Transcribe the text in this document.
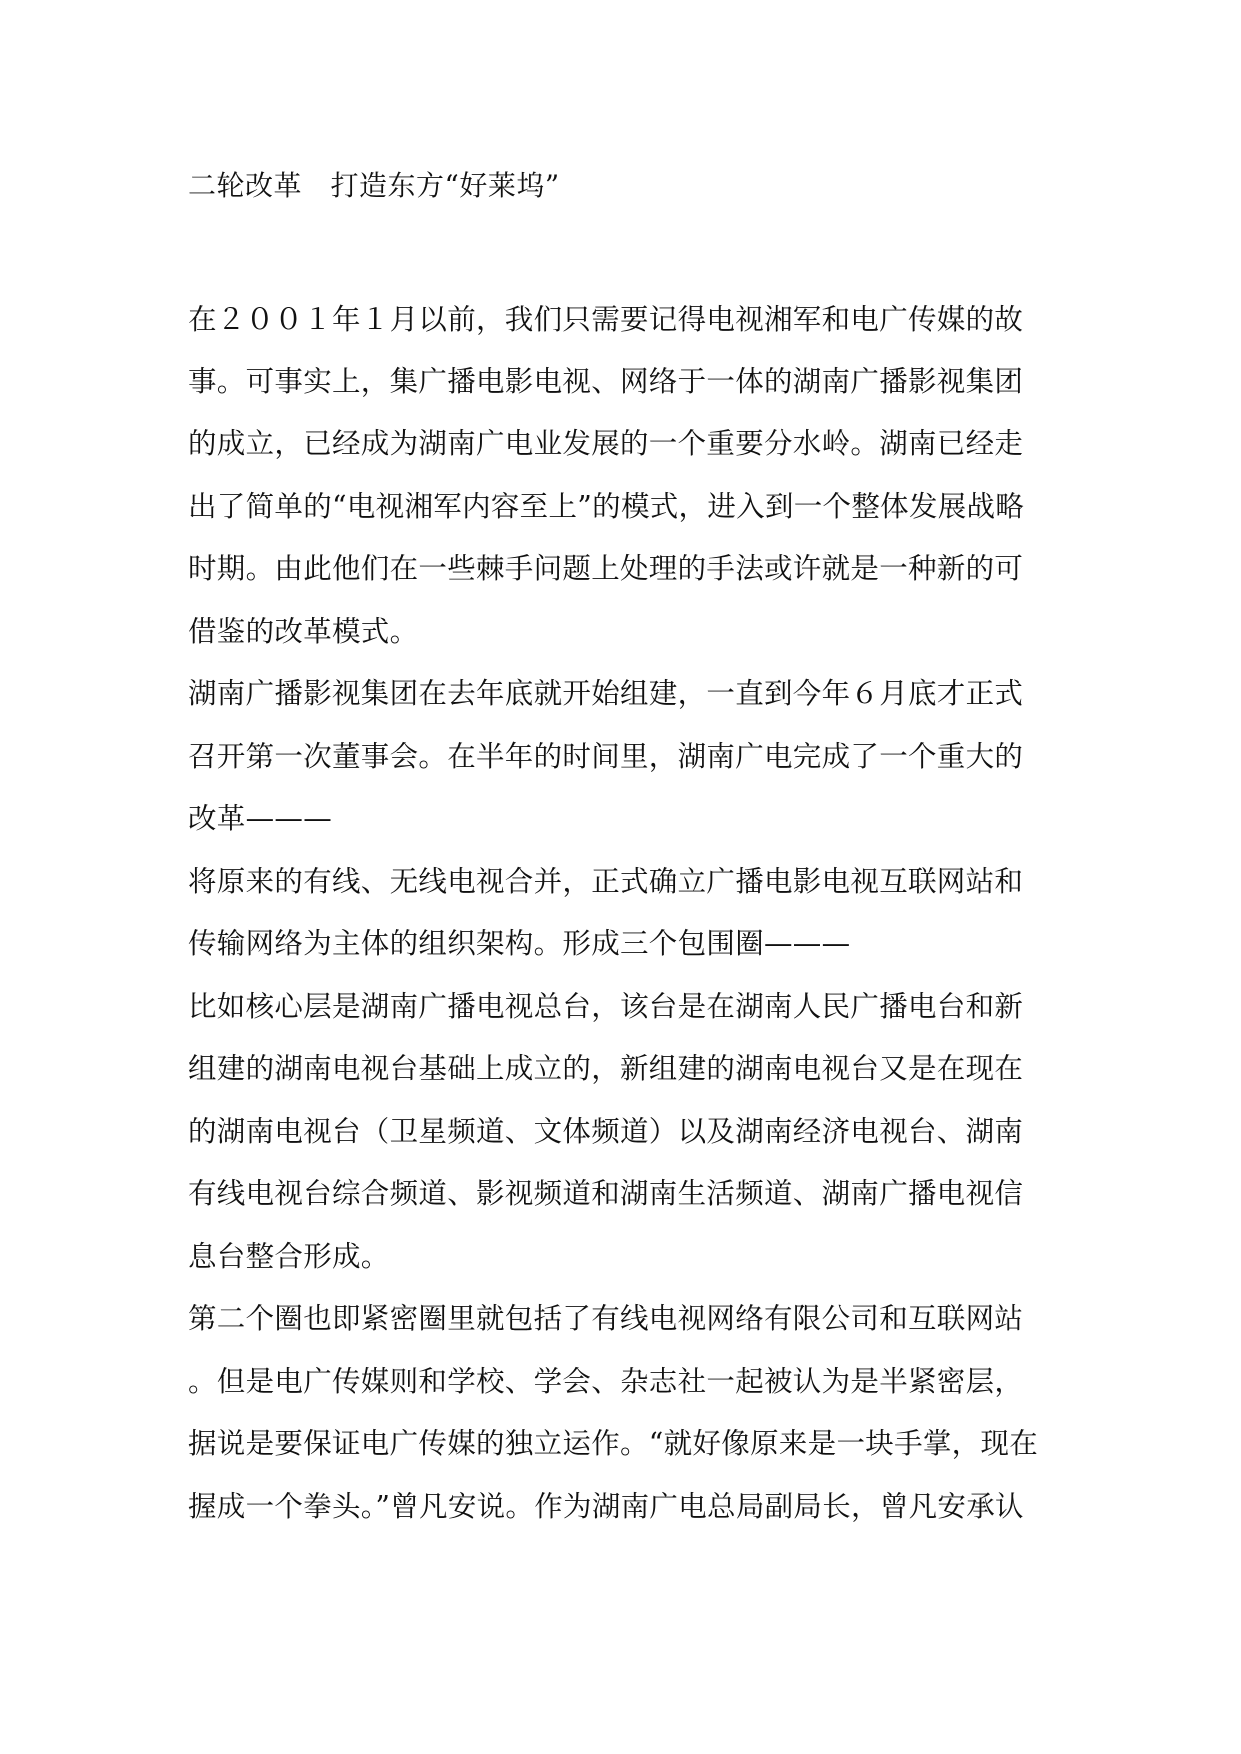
二轮改革　打造东方“好莱坞”
在２００１年１月以前，我们只需要记得电视湘军和电广传媒的故
事。可事实上，集广播电影电视、网络于一体的湖南广播影视集团
的成立，已经成为湖南广电业发展的一个重要分水岭。湖南已经走
出了简单的“电视湘军内容至上”的模式，进入到一个整体发展战略
时期。由此他们在一些棘手问题上处理的手法或许就是一种新的可
借鉴的改革模式。
湖南广播影视集团在去年底就开始组建，一直到今年６月底才正式
召开第一次董事会。在半年的时间里，湖南广电完成了一个重大的
改革———
将原来的有线、无线电视合并，正式确立广播电影电视互联网站和
传输网络为主体的组织架构。形成三个包围圈———
比如核心层是湖南广播电视总台，该台是在湖南人民广播电台和新
组建的湖南电视台基础上成立的，新组建的湖南电视台又是在现在
的湖南电视台（卫星频道、文体频道）以及湖南经济电视台、湖南
有线电视台综合频道、影视频道和湖南生活频道、湖南广播电视信
息台整合形成。
第二个圈也即紧密圈里就包括了有线电视网络有限公司和互联网站
。但是电广传媒则和学校、学会、杂志社一起被认为是半紧密层，
据说是要保证电广传媒的独立运作。“就好像原来是一块手掌，现在
握成一个拳头。”曾凡安说。作为湖南广电总局副局长，曾凡安承认
